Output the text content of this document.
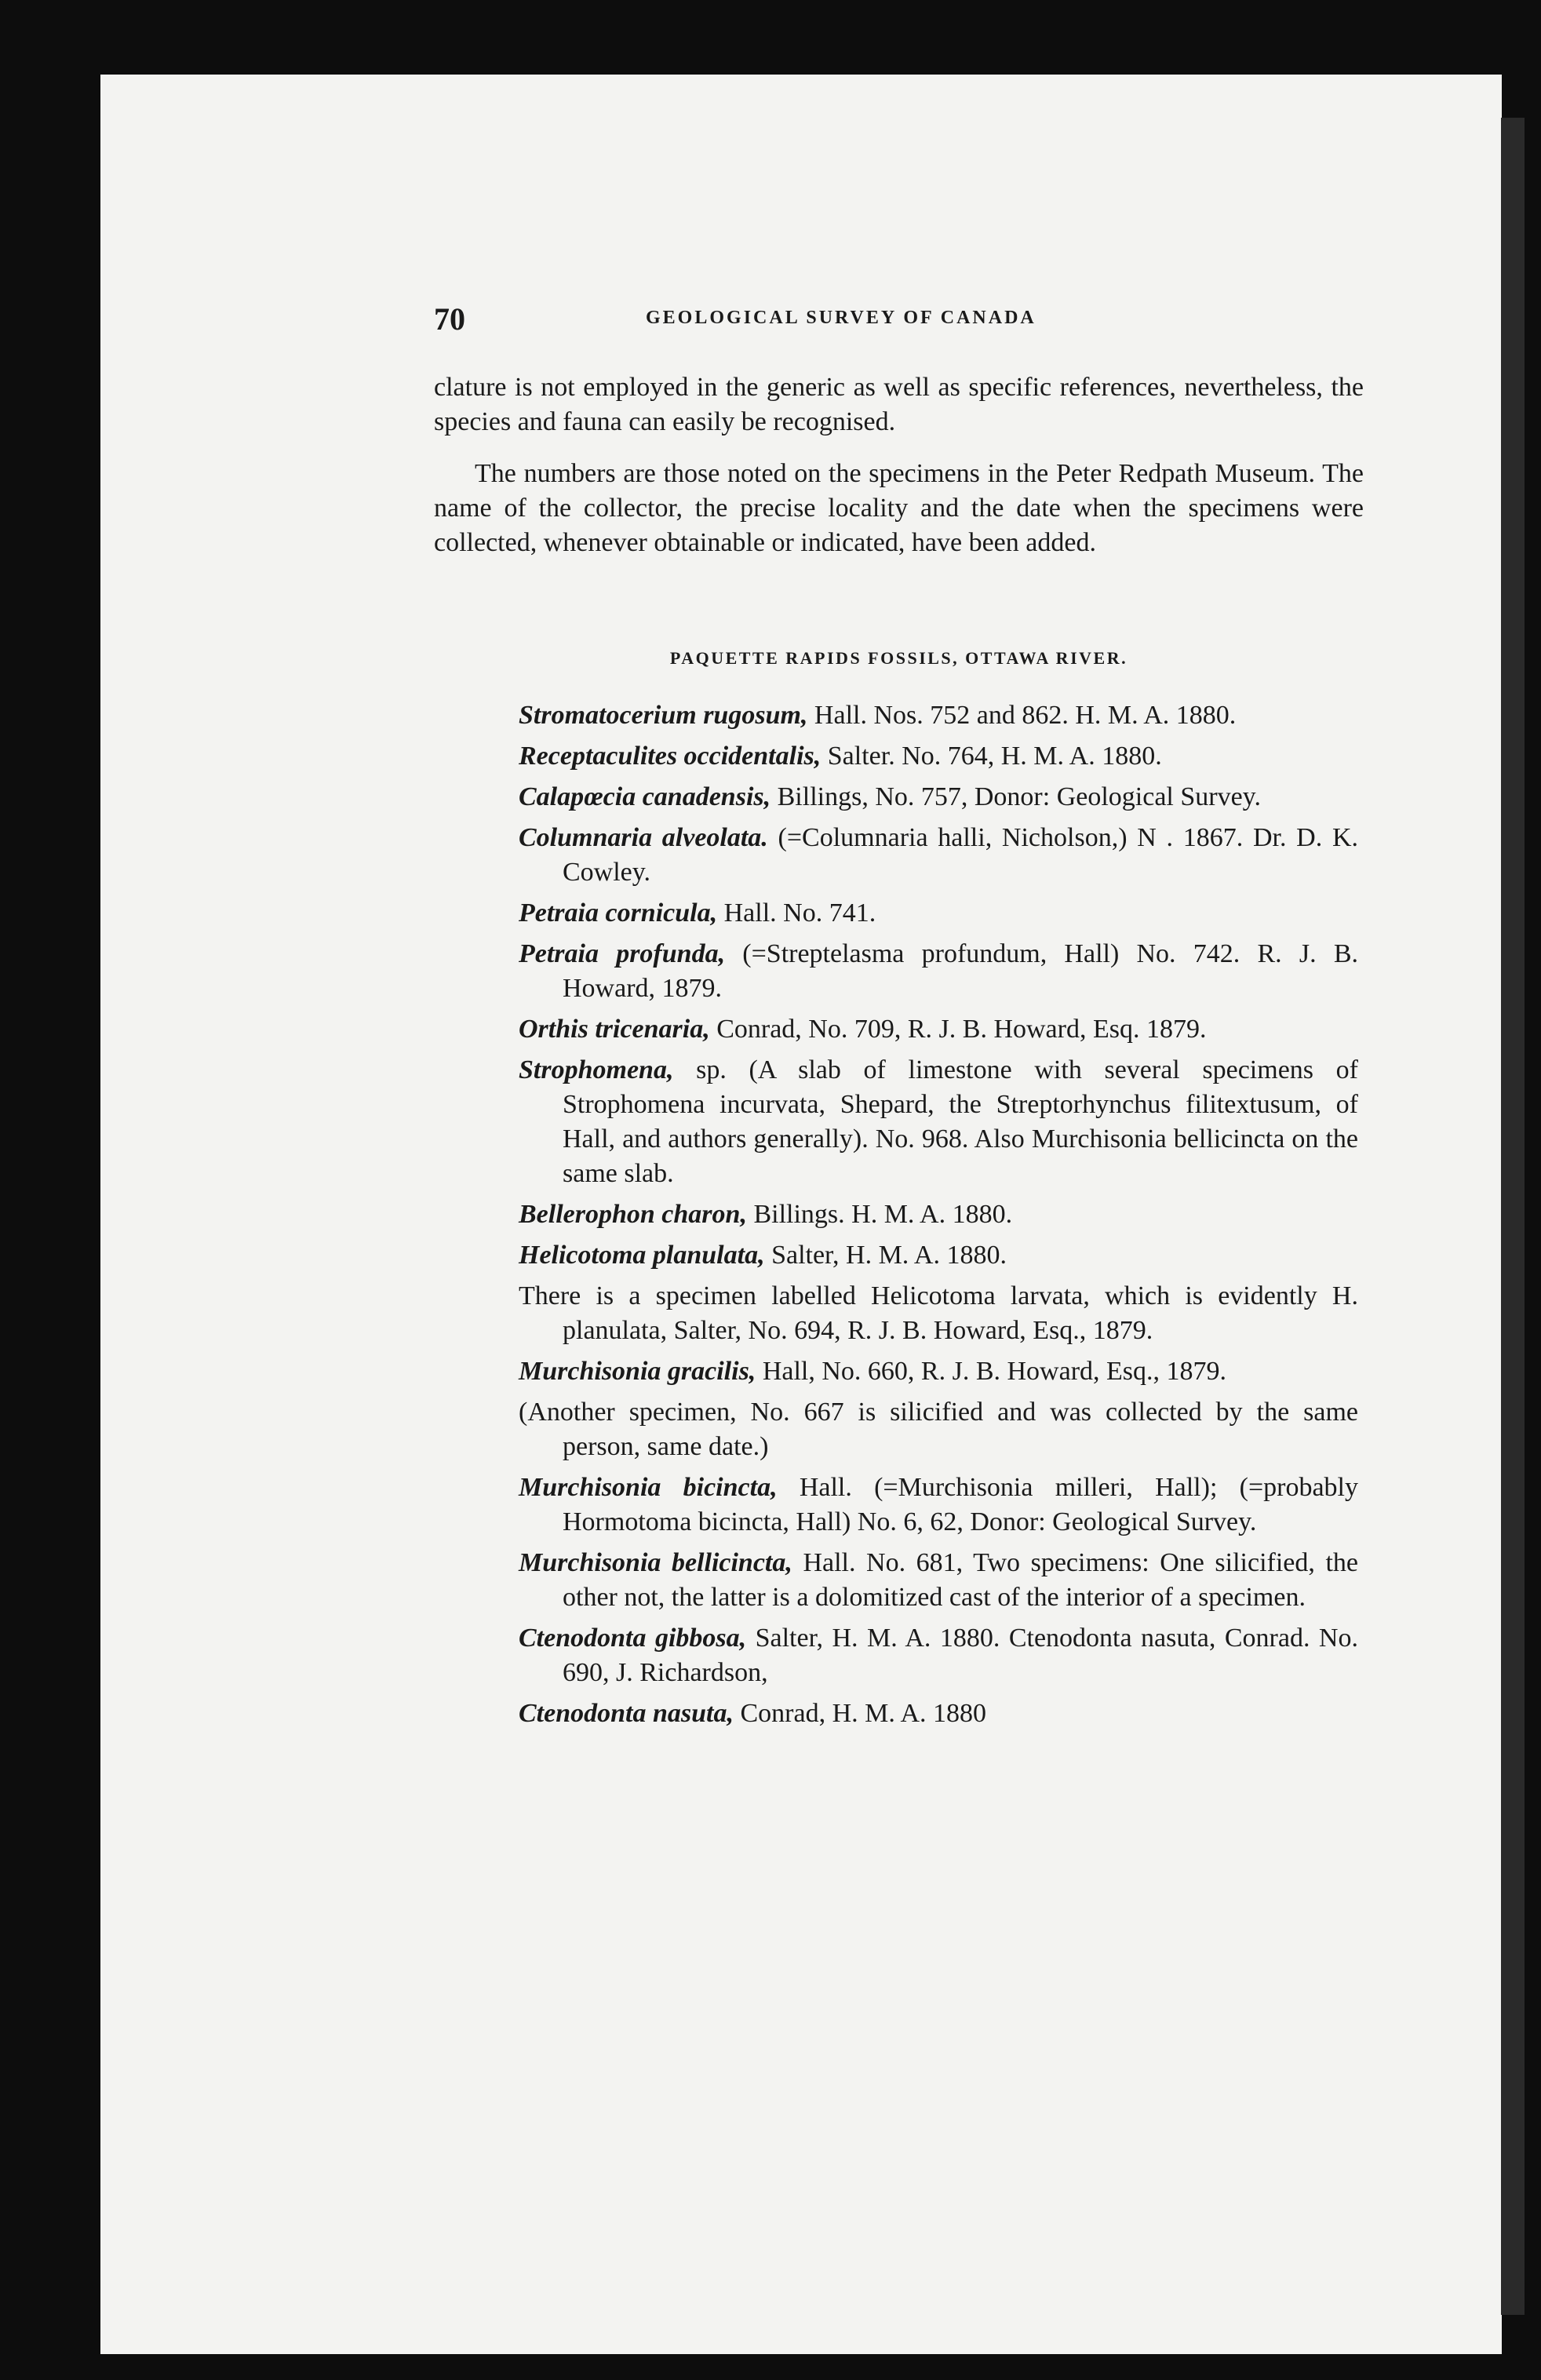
70	GEOLOGICAL SURVEY OF CANADA

clature is not employed in the generic as well as specific references, nevertheless, the species and fauna can easily be recognised.

The numbers are those noted on the specimens in the Peter Redpath Museum. The name of the collector, the precise locality and the date when the specimens were collected, whenever obtainable or indicated, have been added.

PAQUETTE RAPIDS FOSSILS, OTTAWA RIVER.

Stromatocerium rugosum, Hall. Nos. 752 and 862. H. M. A. 1880.

Receptaculites occidentalis, Salter. No. 764, H. M. A. 1880.

Calapœcia canadensis, Billings, No. 757, Donor: Geological Survey.

Columnaria alveolata. (=Columnaria halli, Nicholson,) N . 1867. Dr. D. K. Cowley.

Petraia cornicula, Hall. No. 741.

Petraia profunda, (=Streptelasma profundum, Hall) No. 742. R. J. B. Howard, 1879.

Orthis tricenaria, Conrad, No. 709, R. J. B. Howard, Esq. 1879.

Strophomena, sp. (A slab of limestone with several specimens of Strophomena incurvata, Shepard, the Streptorhynchus filitextusum, of Hall, and authors generally). No. 968. Also Murchisonia bellicincta on the same slab.

Bellerophon charon, Billings. H. M. A. 1880.

Helicotoma planulata, Salter, H. M. A. 1880.

There is a specimen labelled Helicotoma larvata, which is evidently H. planulata, Salter, No. 694, R. J. B. Howard, Esq., 1879.

Murchisonia gracilis, Hall, No. 660, R. J. B. Howard, Esq., 1879.

(Another specimen, No. 667 is silicified and was collected by the same person, same date.)

Murchisonia bicincta, Hall. (=Murchisonia milleri, Hall); (=probably Hormotoma bicincta, Hall) No. 6, 62, Donor: Geological Survey.

Murchisonia bellicincta, Hall. No. 681, Two specimens: One silicified, the other not, the latter is a dolomitized cast of the interior of a specimen.

Ctenodonta gibbosa, Salter, H. M. A. 1880. Ctenodonta nasuta, Conrad. No. 690, J. Richardson,

Ctenodonta nasuta, Conrad, H. M. A. 1880
